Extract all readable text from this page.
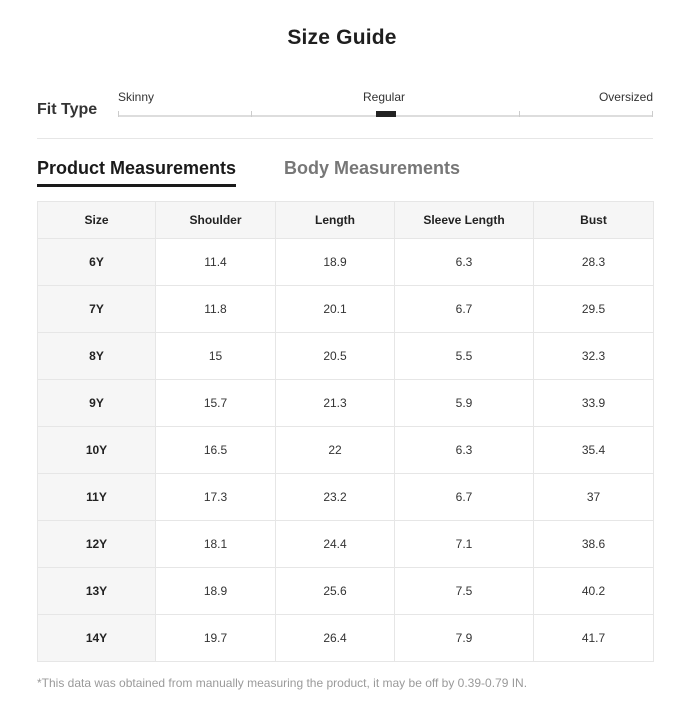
Size Guide
Fit Type
Skinny	Regular	Oversized
Product Measurements	Body Measurements
Size	Shoulder	Length	Sleeve Length	Bust
6Y	11.4	18.9	6.3	28.3
7Y	11.8	20.1	6.7	29.5
8Y	15	20.5	5.5	32.3
9Y	15.7	21.3	5.9	33.9
10Y	16.5	22	6.3	35.4
11Y	17.3	23.2	6.7	37
12Y	18.1	24.4	7.1	38.6
13Y	18.9	25.6	7.5	40.2
14Y	19.7	26.4	7.9	41.7
*This data was obtained from manually measuring the product, it may be off by 0.39-0.79 IN.
